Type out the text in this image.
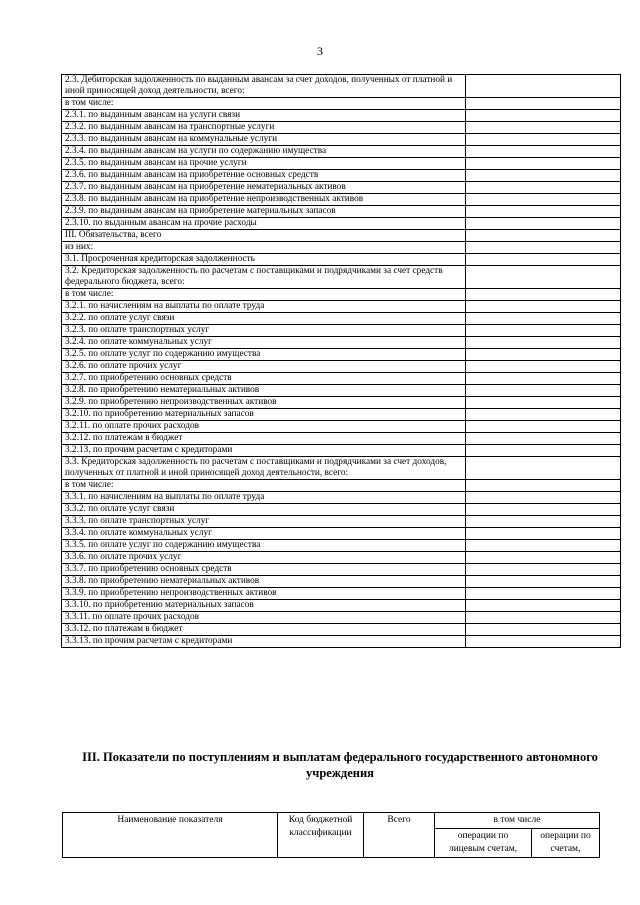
3
2.3. Дебиторская задолженность по выданным авансам за счет доходов, полученных от платной и иной приносящей доход деятельности, всего:	
в том числе:	
2.3.1. по выданным авансам на услуги связи	
2.3.2. по выданным авансам на транспортные услуги	
2.3.3. по выданным авансам на коммунальные услуги	
2.3.4. по выданным авансам на услуги по содержанию имущества	
2.3.5. по выданным авансам на прочие услуги	
2.3.6. по выданным авансам на приобретение основных средств	
2.3.7. по выданным авансам на приобретение нематериальных активов	
2.3.8. по выданным авансам на приобретение непроизводственных активов	
2.3.9. по выданным авансам на приобретение материальных запасов	
2.3.10. по выданным авансам на прочие расходы	
III. Обязательства, всего	
из них:	
3.1. Просроченная кредиторская задолженность	
3.2. Кредиторская задолженность по расчетам с поставщиками и подрядчиками за счет средств федерального бюджета, всего:	
в том числе:	
3.2.1. по начислениям на выплаты по оплате труда	
3.2.2. по оплате услуг связи	
3.2.3. по оплате транспортных услуг	
3.2.4. по оплате коммунальных услуг	
3.2.5. по оплате услуг по содержанию имущества	
3.2.6. по оплате прочих услуг	
3.2.7. по приобретению основных средств	
3.2.8. по приобретению нематериальных активов	
3.2.9. по приобретению непроизводственных активов	
3.2.10. по приобретению материальных запасов	
3.2.11. по оплате прочих расходов	
3.2.12. по платежам в бюджет	
3.2.13. по прочим расчетам с кредиторами	
3.3. Кредиторская задолженность по расчетам с поставщиками и подрядчиками за счет доходов, полученных от платной и иной приносящей доход деятельности, всего:	
в том числе:	
3.3.1. по начислениям на выплаты по оплате труда	
3.3.2. по оплате услуг связи	
3.3.3. по оплате транспортных услуг	
3.3.4. по оплате коммунальных услуг	
3.3.5. по оплате услуг по содержанию имущества	
3.3.6. по оплате прочих услуг	
3.3.7. по приобретению основных средств	
3.3.8. по приобретению нематериальных активов	
3.3.9. по приобретению непроизводственных активов	
3.3.10. по приобретению материальных запасов	
3.3.11. по оплате прочих расходов	
3.3.12. по платежам в бюджет	
3.3.13. по прочим расчетам с кредиторами	
III. Показатели по поступлениям и выплатам федерального государственного автономного учреждения
Наименование показателя	Код бюджетной классификации	Всего	в том числе	
			операции по лицевым счетам,	операции по счетам,
